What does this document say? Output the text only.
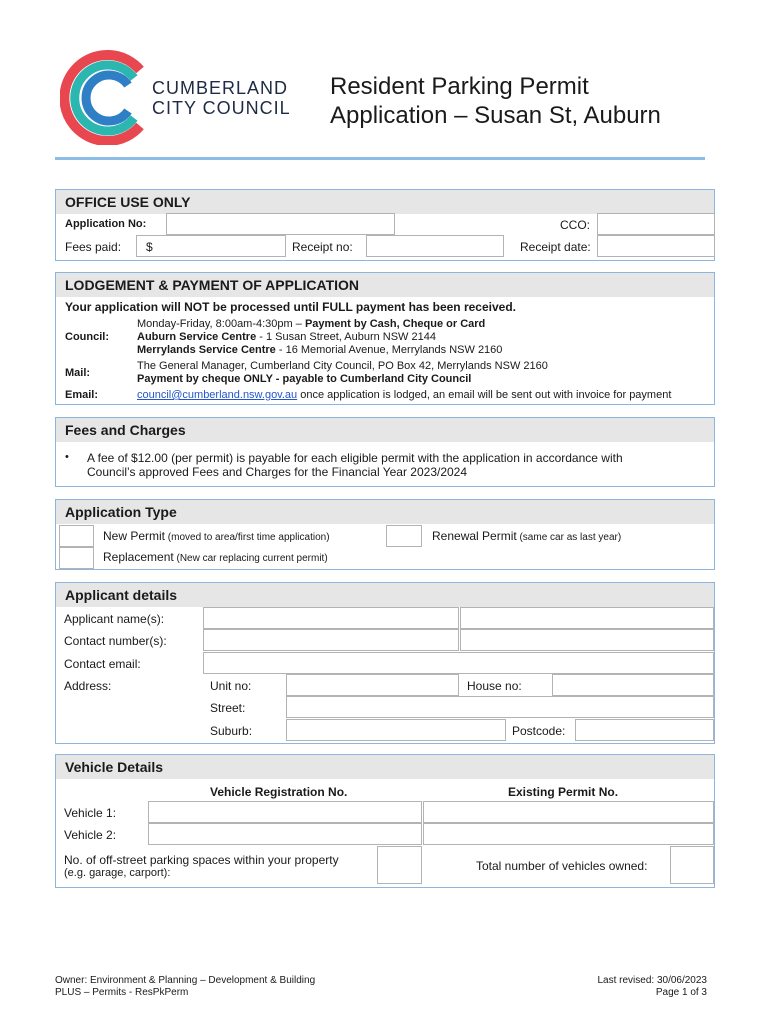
CUMBERLAND
CITY COUNCIL
Resident Parking Permit
Application – Susan St, Auburn
OFFICE USE ONLY
Application No:	CCO:
Fees paid: $	Receipt no:	Receipt date:
LODGEMENT & PAYMENT OF APPLICATION
Your application will NOT be processed until FULL payment has been received.
Council:
Monday-Friday, 8:00am-4:30pm – Payment by Cash, Cheque or Card
Auburn Service Centre - 1 Susan Street, Auburn NSW 2144
Merrylands Service Centre - 16 Memorial Avenue, Merrylands NSW 2160
Mail:
The General Manager, Cumberland City Council, PO Box 42, Merrylands NSW 2160
Payment by cheque ONLY - payable to Cumberland City Council
Email:	council@cumberland.nsw.gov.au once application is lodged, an email will be sent out with invoice for payment
Fees and Charges
• A fee of $12.00 (per permit) is payable for each eligible permit with the application in accordance with
Council’s approved Fees and Charges for the Financial Year 2023/2024
Application Type
New Permit (moved to area/first time application)	Renewal Permit (same car as last year)
Replacement (New car replacing current permit)
Applicant details
Applicant name(s):
Contact number(s):
Contact email:
Address:	Unit no:	House no:
Street:
Suburb:	Postcode:
Vehicle Details
Vehicle Registration No.	Existing Permit No.
Vehicle 1:
Vehicle 2:
No. of off-street parking spaces within your property
(e.g. garage, carport):	Total number of vehicles owned:
Owner: Environment & Planning – Development & Building
PLUS – Permits - ResPkPerm
Last revised: 30/06/2023
Page 1 of 3
